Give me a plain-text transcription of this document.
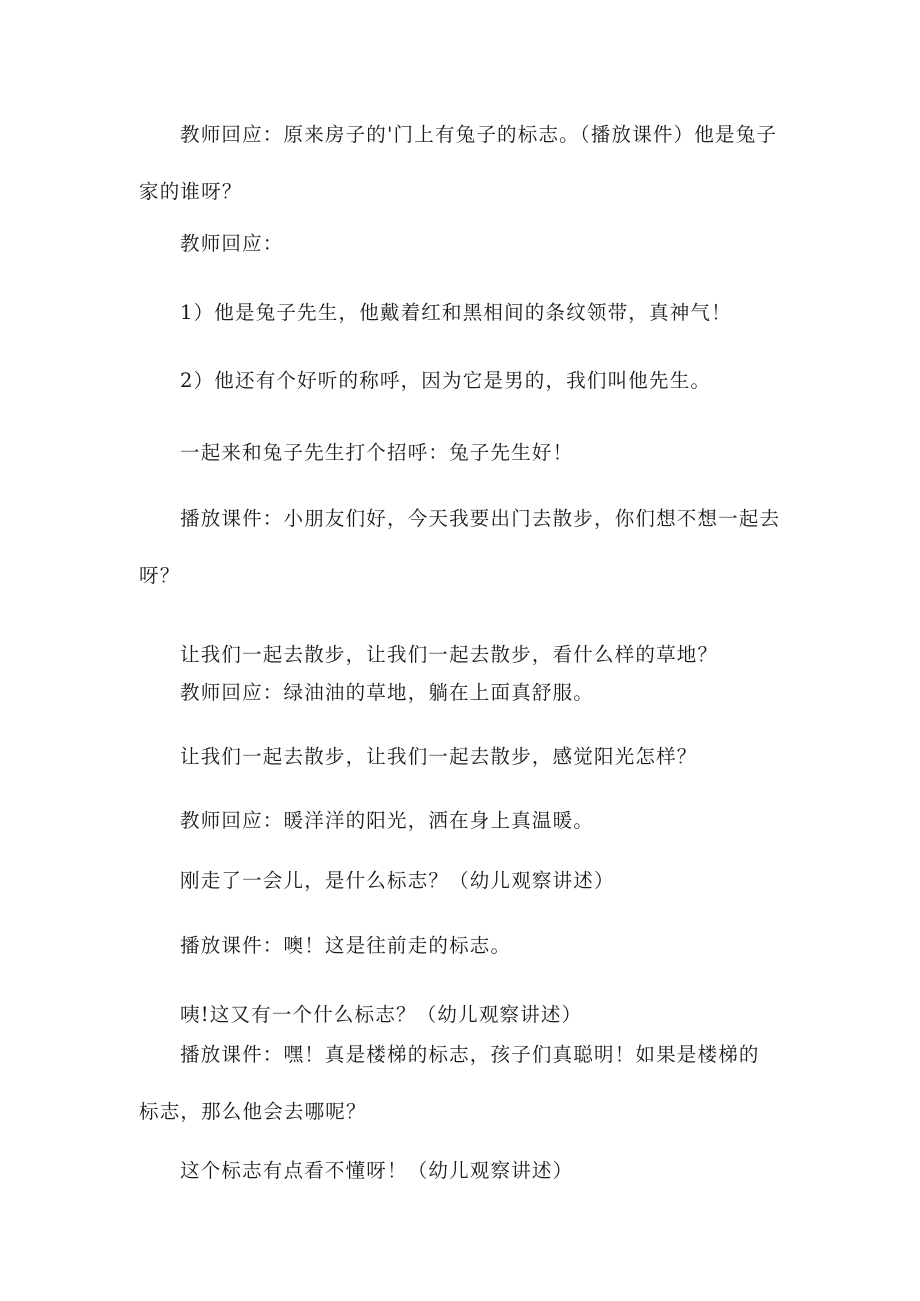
教师回应：原来房子的'门上有兔子的标志。（播放课件）他是兔子
家的谁呀？

教师回应：

1）他是兔子先生，他戴着红和黑相间的条纹领带，真神气！

2）他还有个好听的称呼，因为它是男的，我们叫他先生。

一起来和兔子先生打个招呼：兔子先生好！

播放课件：小朋友们好，今天我要出门去散步，你们想不想一起去
呀？

让我们一起去散步，让我们一起去散步，看什么样的草地？

教师回应：绿油油的草地，躺在上面真舒服。

让我们一起去散步，让我们一起去散步，感觉阳光怎样？

教师回应：暖洋洋的阳光，洒在身上真温暖。

刚走了一会儿，是什么标志？（幼儿观察讲述）

播放课件：噢！这是往前走的标志。

咦!这又有一个什么标志？（幼儿观察讲述）

播放课件：嘿！真是楼梯的标志，孩子们真聪明！如果是楼梯的
标志，那么他会去哪呢？

这个标志有点看不懂呀！（幼儿观察讲述）
